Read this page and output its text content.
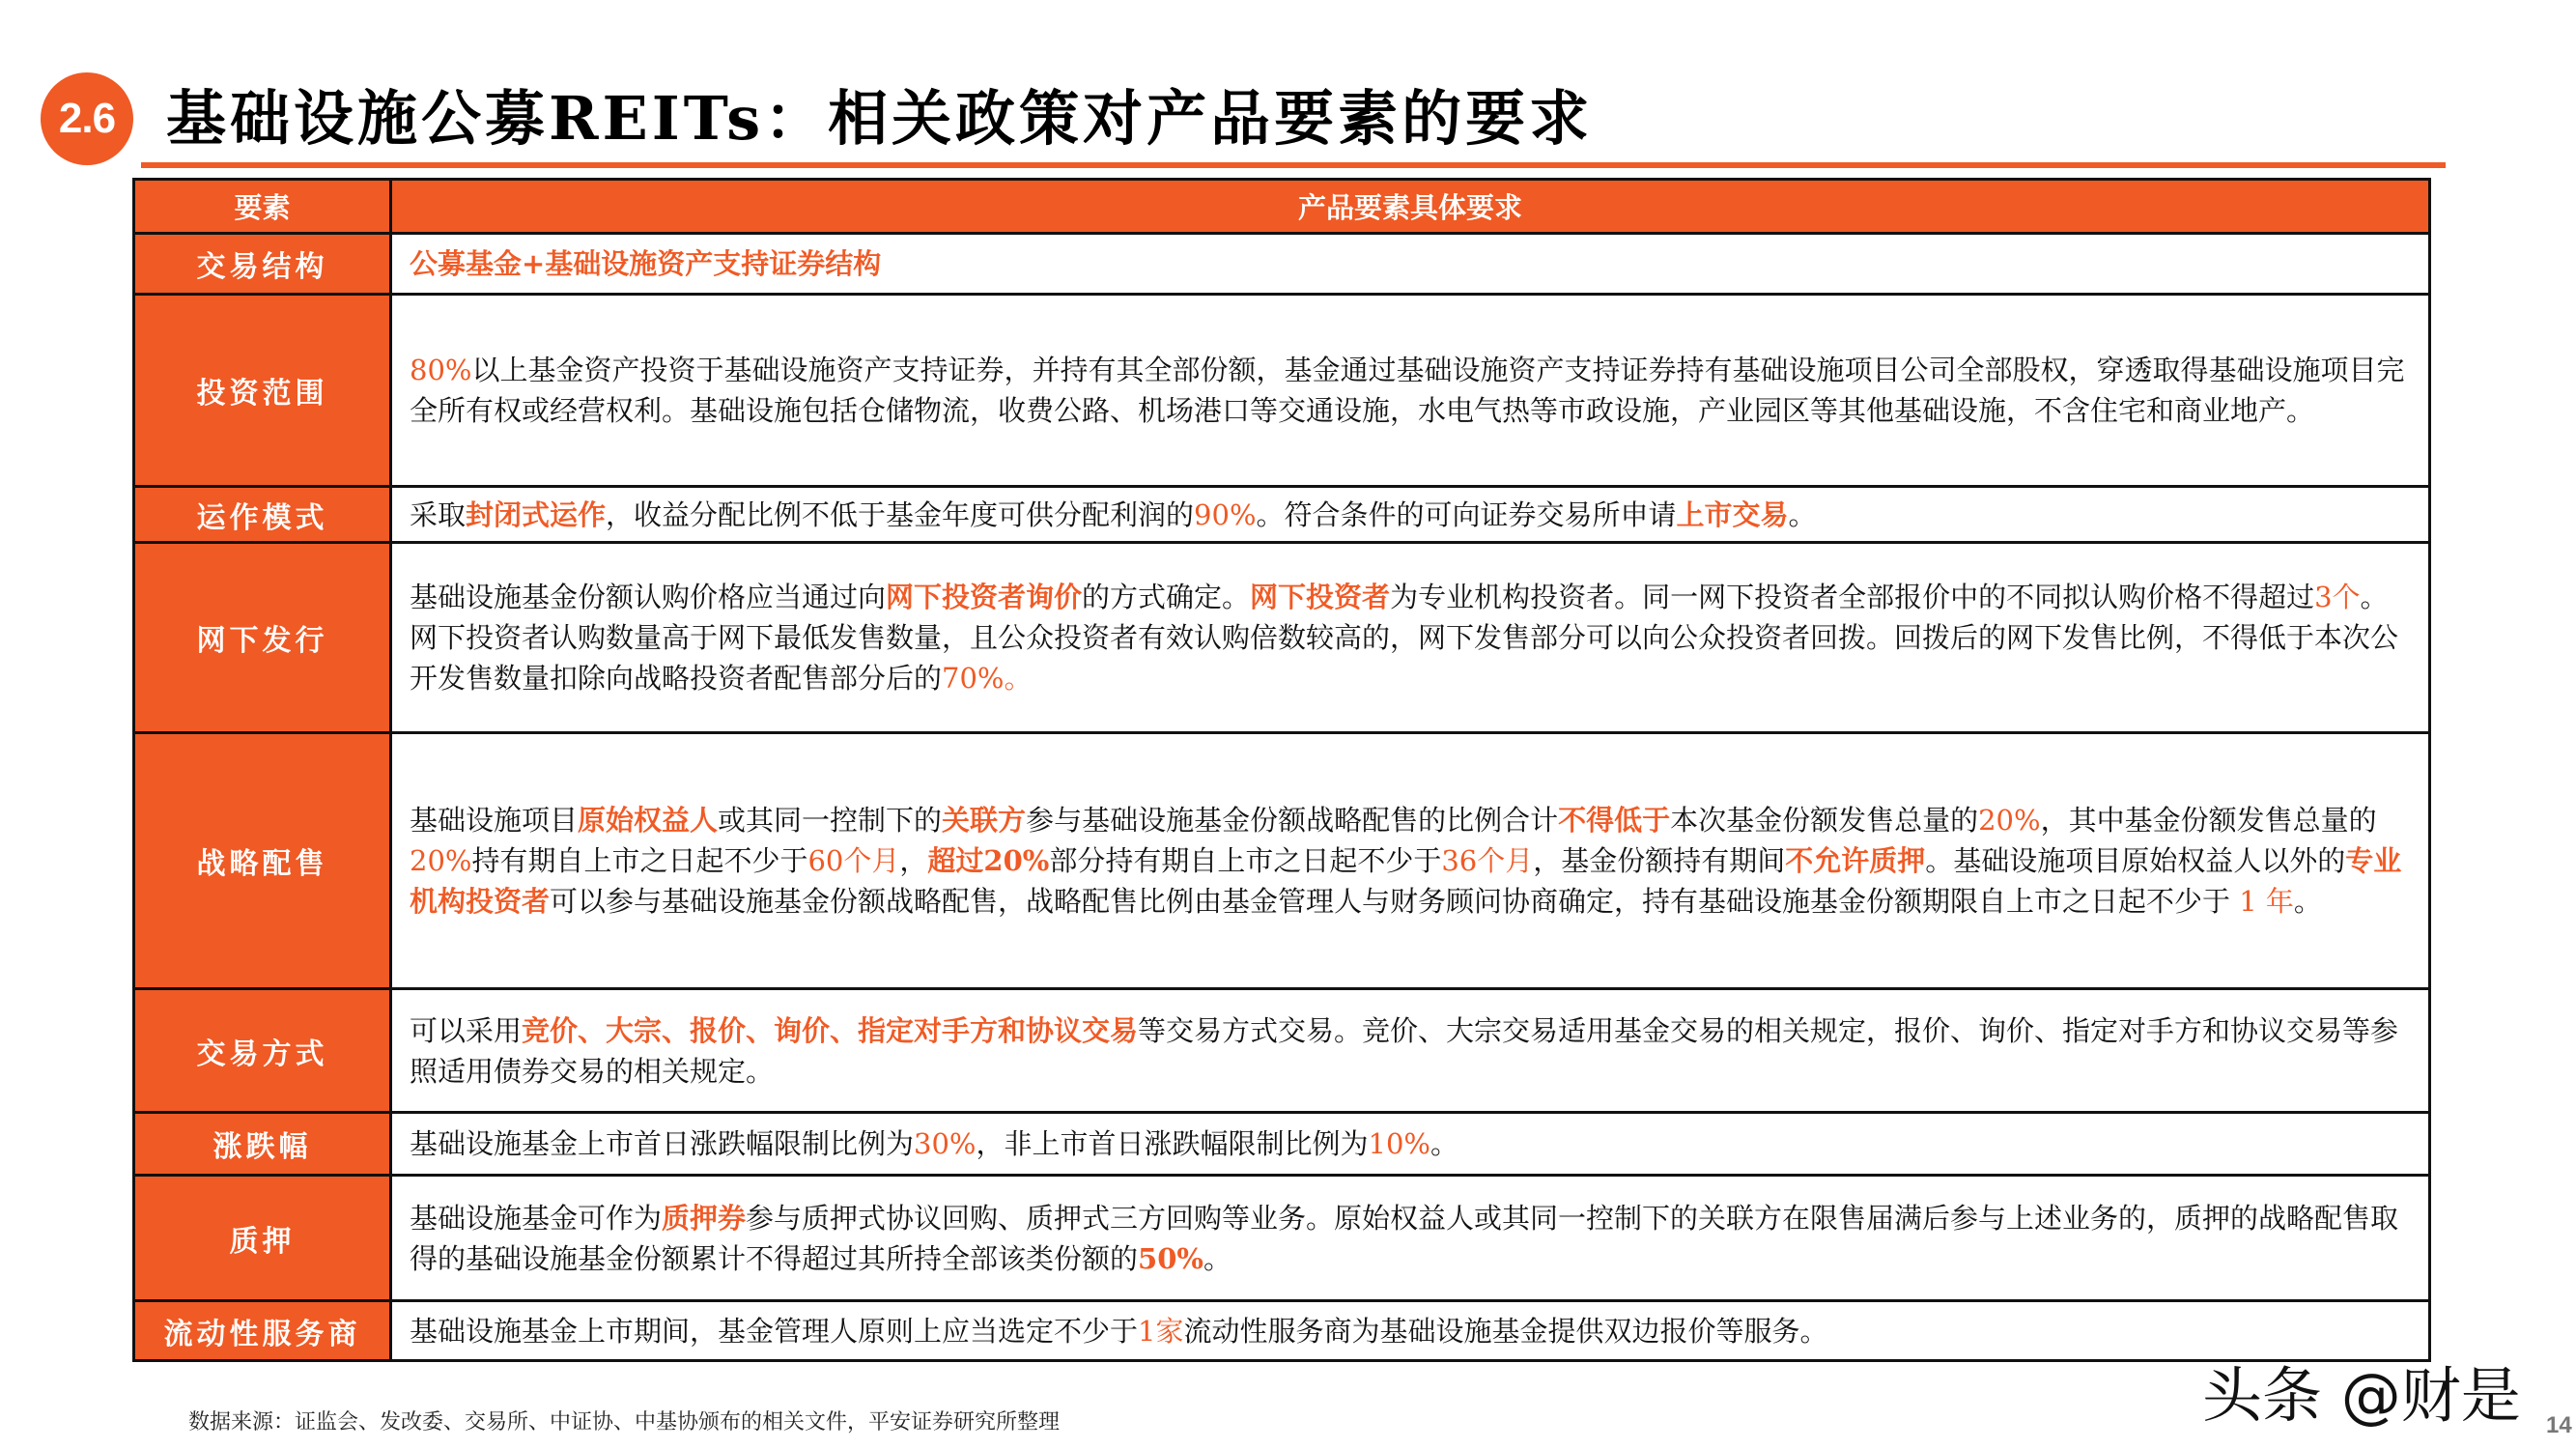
2.6 基础设施公募REITs：相关政策对产品要素的要求
要素	产品要素具体要求
交易结构	公募基金+基础设施资产支持证券结构
投资范围	80%以上基金资产投资于基础设施资产支持证券，并持有其全部份额，基金通过基础设施资产支持证券持有基础设施项目公司全部股权，穿透取得基础设施项目完全所有权或经营权利。基础设施包括仓储物流，收费公路、机场港口等交通设施，水电气热等市政设施，产业园区等其他基础设施，不含住宅和商业地产。
运作模式	采取封闭式运作，收益分配比例不低于基金年度可供分配利润的90%。符合条件的可向证券交易所申请上市交易。
网下发行	基础设施基金份额认购价格应当通过向网下投资者询价的方式确定。网下投资者为专业机构投资者。同一网下投资者全部报价中的不同拟认购价格不得超过3个。网下投资者认购数量高于网下最低发售数量，且公众投资者有效认购倍数较高的，网下发售部分可以向公众投资者回拨。回拨后的网下发售比例，不得低于本次公开发售数量扣除向战略投资者配售部分后的70%。
战略配售	基础设施项目原始权益人或其同一控制下的关联方参与基础设施基金份额战略配售的比例合计不得低于本次基金份额发售总量的20%，其中基金份额发售总量的20%持有期自上市之日起不少于60个月，超过20%部分持有期自上市之日起不少于36个月，基金份额持有期间不允许质押。基础设施项目原始权益人以外的专业机构投资者可以参与基础设施基金份额战略配售，战略配售比例由基金管理人与财务顾问协商确定，持有基础设施基金份额期限自上市之日起不少于 1 年。
交易方式	可以采用竞价、大宗、报价、询价、指定对手方和协议交易等交易方式交易。竞价、大宗交易适用基金交易的相关规定，报价、询价、指定对手方和协议交易等参照适用债券交易的相关规定。
涨跌幅	基础设施基金上市首日涨跌幅限制比例为30%，非上市首日涨跌幅限制比例为10%。
质押	基础设施基金可作为质押券参与质押式协议回购、质押式三方回购等业务。原始权益人或其同一控制下的关联方在限售届满后参与上述业务的，质押的战略配售取得的基础设施基金份额累计不得超过其所持全部该类份额的50%。
流动性服务商	基础设施基金上市期间，基金管理人原则上应当选定不少于1家流动性服务商为基础设施基金提供双边报价等服务。
数据来源：证监会、发改委、交易所、中证协、中基协颁布的相关文件，平安证券研究所整理	头条 @财是 14
